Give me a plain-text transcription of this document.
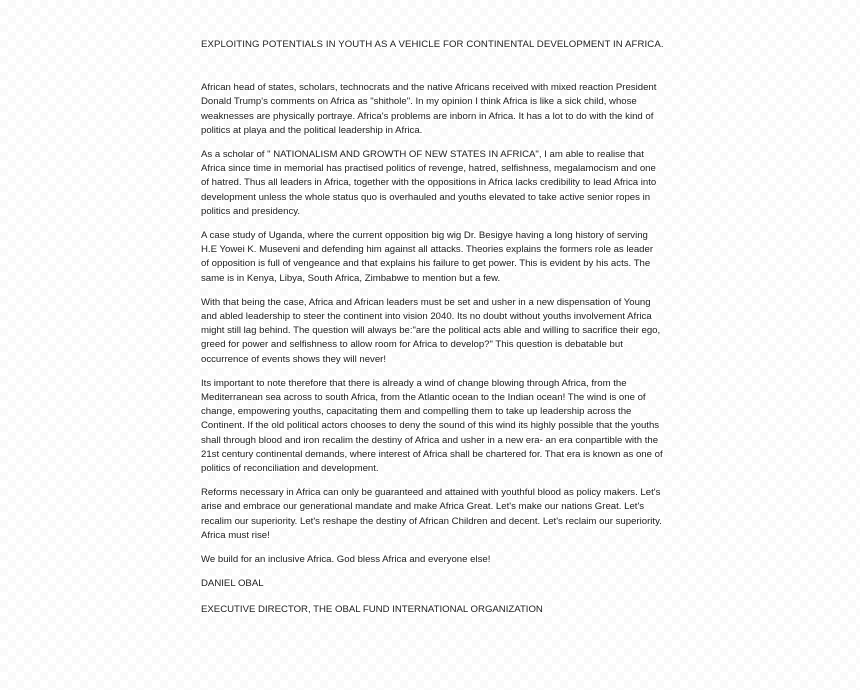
EXPLOITING POTENTIALS IN YOUTH AS A VEHICLE FOR CONTINENTAL DEVELOPMENT IN AFRICA.

African head of states, scholars, technocrats and the native Africans received with mixed reaction President Donald Trump's comments on Africa as "shithole". In my opinion I think Africa is like a sick child, whose weaknesses are physically portraye. Africa's problems are inborn in Africa. It has a lot to do with the kind of politics at playa and the political leadership in Africa.

As a scholar of " NATIONALISM AND GROWTH OF NEW STATES IN AFRICA", I am able to realise that Africa since time in memorial has practised politics of revenge, hatred, selfishness, megalamocism and one of hatred. Thus all leaders in Africa, together with the oppositions in Africa lacks credibility to lead Africa into development unless the whole status quo is overhauled and youths elevated to take active senior ropes in politics and presidency.

A case study of Uganda, where the current opposition big wig Dr. Besigye having a long history of serving H.E Yowei K. Museveni and defending him against all attacks. Theories explains the formers role as leader of opposition is full of vengeance and that explains his failure to get power. This is evident by his acts. The same is in Kenya, Libya, South Africa, Zimbabwe to mention but a few.

With that being the case, Africa and African leaders must be set and usher in a new dispensation of Young and abled leadership to steer the continent into vision 2040. Its no doubt without youths involvement Africa might still lag behind. The question will always be:"are the political acts able and willing to sacrifice their ego, greed for power and selfishness to allow room for Africa to develop?" This question is debatable but occurrence of events shows they will never!

Its important to note therefore that there is already a wind of change blowing through Africa, from the Mediterranean sea across to south Africa, from the Atlantic ocean to the Indian ocean! The wind is one of change, empowering youths, capacitating them and compelling them to take up leadership across the Continent. If the old political actors chooses to deny the sound of this wind its highly possible that the youths shall through blood and iron recalim the destiny of Africa and usher in a new era- an era conpartible with the 21st century continental demands, where interest of Africa shall be chartered for. That era is known as one of politics of reconciliation and development.

Reforms necessary in Africa can only be guaranteed and attained with youthful blood as policy makers. Let's arise and embrace our generational mandate and make Africa Great. Let's make our nations Great. Let's recalim our superiority. Let's reshape the destiny of African Children and decent. Let's reclaim our superiority. Africa must rise!

We build for an inclusive Africa. God bless Africa and everyone else!

DANIEL OBAL

EXECUTIVE DIRECTOR, THE OBAL FUND INTERNATIONAL ORGANIZATION
